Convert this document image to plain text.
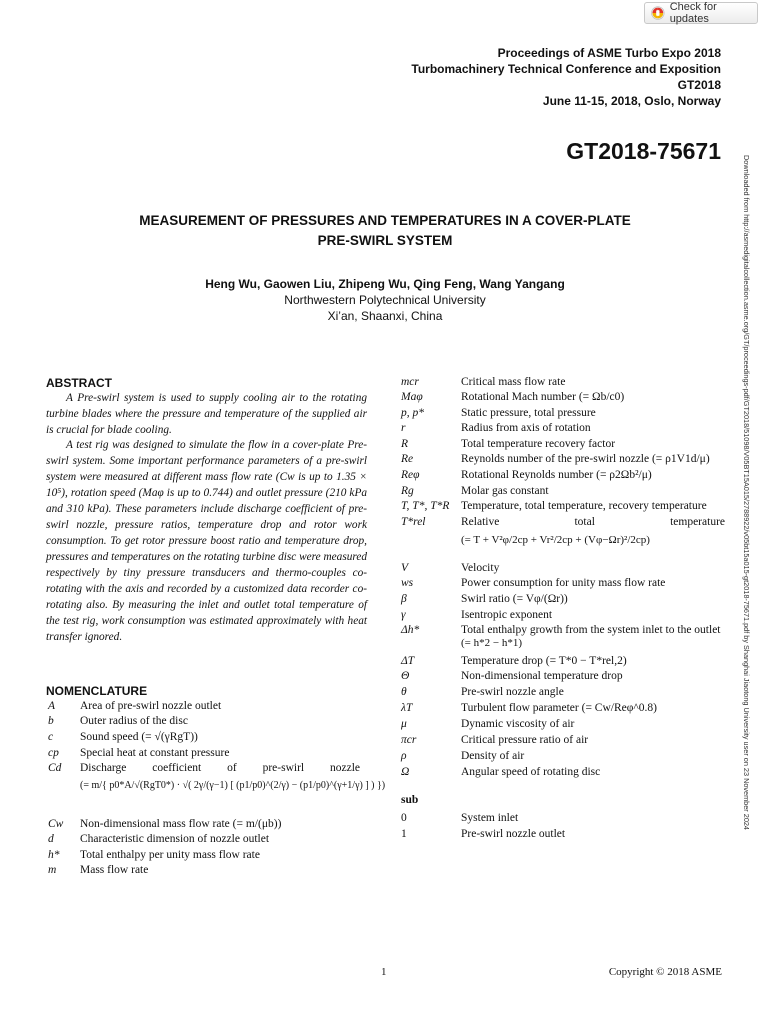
Check for updates
Proceedings of ASME Turbo Expo 2018
Turbomachinery Technical Conference and Exposition
GT2018
June 11-15, 2018, Oslo, Norway
GT2018-75671
MEASUREMENT OF PRESSURES AND TEMPERATURES IN A COVER-PLATE
PRE-SWIRL SYSTEM
Heng Wu, Gaowen Liu, Zhipeng Wu, Qing Feng, Wang Yangang
Northwestern Polytechnical University
Xi’an, Shaanxi, China	Downloaded from http://asmedigitalcollection.asme.org/GT/proceedings-pdf/GT2018/51098/V05BT15A015/2788922/v05bt15a015-gt2018-75671.pdf by Shanghai Jiaotong University user on 23 November 2024
ABSTRACT
A Pre-swirl system is used to supply cooling air to the rotating turbine blades where the pressure and temperature of the supplied air is crucial for blade cooling.
A test rig was designed to simulate the flow in a cover-plate Pre-swirl system. Some important performance parameters of a pre-swirl system were measured at different mass flow rate (Cw is up to 1.35 × 10⁵), rotation speed (Maφ is up to 0.744) and outlet pressure (210 kPa and 310 kPa). These parameters include discharge coefficient of pre-swirl nozzle, pressure ratios, temperature drop and rotor work consumption. To get rotor pressure boost ratio and temperature drop, pressures and temperatures on the rotating turbine disc were measured respectively by tiny pressure transducers and thermo-couples co-rotating with the axis and recorded by a customized data recorder co-rotating also. By measuring the inlet and outlet total temperature of the test rig, work consumption was estimated approximately with heat transfer ignored.
NOMENCLATURE
A Area of pre-swirl nozzle outlet
b Outer radius of the disc
c Sound speed (= √(γRgT))
cp Special heat at constant pressure
Cd Discharge coefficient of pre-swirl nozzle
(= m/{ p0*A/√(RgT0*) · √( 2γ/(γ−1) [ (p1/p0)^(2/γ) − (p1/p0)^(γ+1/γ) ] ) })
Cw Non-dimensional mass flow rate (= m/(μb))
d Characteristic dimension of nozzle outlet
h* Total enthalpy per unity mass flow rate
m Mass flow rate
mcr	Critical mass flow rate
Maφ	Rotational Mach number (= Ωb/c0)
p, p*	Static pressure, total pressure
r	Radius from axis of rotation
R	Total temperature recovery factor
Re	Reynolds number of the pre-swirl nozzle (= ρ1V1d/μ)
Reφ	Rotational Reynolds number (= ρ2Ωb²/μ)
Rg	Molar gas constant
T, T*, T*R Temperature, total temperature, recovery temperature
T*rel	Relative total temperature
(= T + V²φ/2cp + Vr²/2cp + (Vφ−Ωr)²/2cp)
V	Velocity
ws	Power consumption for unity mass flow rate
β	Swirl ratio (= Vφ/(Ωr))
γ	Isentropic exponent
Δh*	Total enthalpy growth from the system inlet to the outlet
(= h*2 − h*1)
ΔT	Temperature drop (= T*0 − T*rel,2)
Θ	Non-dimensional temperature drop
θ	Pre-swirl nozzle angle
λT	Turbulent flow parameter (= Cw/Reφ^0.8)
μ	Dynamic viscosity of air
πcr	Critical pressure ratio of air
ρ	Density of air
Ω	Angular speed of rotating disc
sub
0	System inlet
1	Pre-swirl nozzle outlet
1	Copyright © 2018 ASME
